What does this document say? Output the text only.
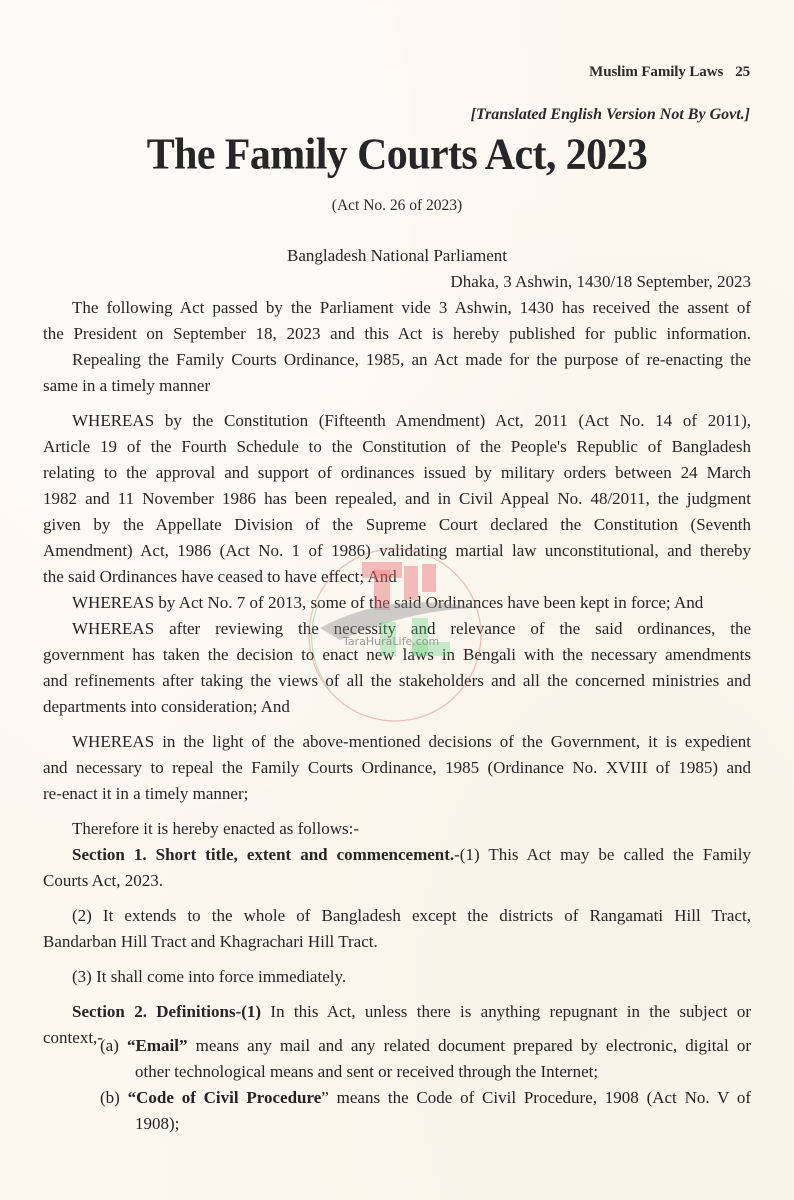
Muslim Family Laws 25
[Translated English Version Not By Govt.]
The Family Courts Act, 2023
(Act No. 26 of 2023)
Bangladesh National Parliament
Dhaka, 3 Ashwin, 1430/18 September, 2023
The following Act passed by the Parliament vide 3 Ashwin, 1430 has received the assent of
the President on September 18, 2023 and this Act is hereby published for public information.
Repealing the Family Courts Ordinance, 1985, an Act made for the purpose of re-enacting the
same in a timely manner
WHEREAS by the Constitution (Fifteenth Amendment) Act, 2011 (Act No. 14 of 2011),
Article 19 of the Fourth Schedule to the Constitution of the People's Republic of Bangladesh
relating to the approval and support of ordinances issued by military orders between 24 March
1982 and 11 November 1986 has been repealed, and in Civil Appeal No. 48/2011, the judgment
given by the Appellate Division of the Supreme Court declared the Constitution (Seventh
Amendment) Act, 1986 (Act No. 1 of 1986) validating martial law unconstitutional, and thereby
the said Ordinances have ceased to have effect; And
WHEREAS by Act No. 7 of 2013, some of the said Ordinances have been kept in force; And
WHEREAS after reviewing the necessity and relevance of the said ordinances, the
government has taken the decision to enact new laws in Bengali with the necessary amendments
and refinements after taking the views of all the stakeholders and all the concerned ministries and
departments into consideration; And
WHEREAS in the light of the above-mentioned decisions of the Government, it is expedient
and necessary to repeal the Family Courts Ordinance, 1985 (Ordinance No. XVIII of 1985) and
re-enact it in a timely manner;
Therefore it is hereby enacted as follows:-
Section 1. Short title, extent and commencement.-(1) This Act may be called the Family
Courts Act, 2023.
(2) It extends to the whole of Bangladesh except the districts of Rangamati Hill Tract,
Bandarban Hill Tract and Khagrachari Hill Tract.
(3) It shall come into force immediately.
Section 2. Definitions-(1) In this Act, unless there is anything repugnant in the subject or
context,-
(a) “Email” means any mail and any related document prepared by electronic, digital or
other technological means and sent or received through the Internet;
(b) “Code of Civil Procedure” means the Code of Civil Procedure, 1908 (Act No. V of
1908);
TaraHuraLife.com
